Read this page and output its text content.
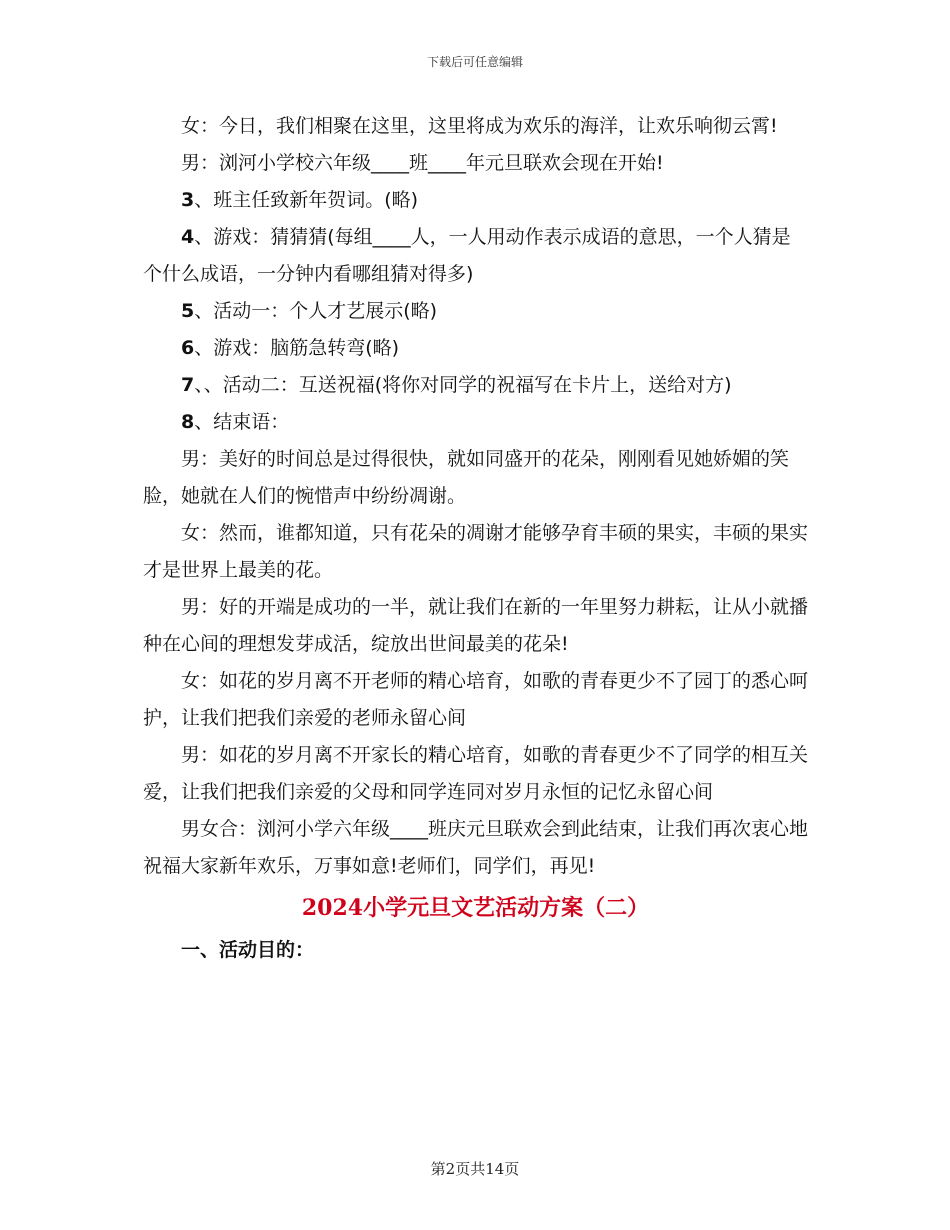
下载后可任意编辑

女：今日，我们相聚在这里，这里将成为欢乐的海洋，让欢乐响彻云霄!

男：浏河小学校六年级____班____年元旦联欢会现在开始!

3、班主任致新年贺词。(略)

4、游戏：猜猜猜(每组____人，一人用动作表示成语的意思，一个人猜是个什么成语，一分钟内看哪组猜对得多)

5、活动一：个人才艺展示(略)

6、游戏：脑筋急转弯(略)

7、、活动二：互送祝福(将你对同学的祝福写在卡片上，送给对方)

8、结束语：

男：美好的时间总是过得很快，就如同盛开的花朵，刚刚看见她娇媚的笑脸，她就在人们的惋惜声中纷纷凋谢。

女：然而，谁都知道，只有花朵的凋谢才能够孕育丰硕的果实，丰硕的果实才是世界上最美的花。

男：好的开端是成功的一半，就让我们在新的一年里努力耕耘，让从小就播种在心间的理想发芽成活，绽放出世间最美的花朵!

女：如花的岁月离不开老师的精心培育，如歌的青春更少不了园丁的悉心呵护，让我们把我们亲爱的老师永留心间

男：如花的岁月离不开家长的精心培育，如歌的青春更少不了同学的相互关爱，让我们把我们亲爱的父母和同学连同对岁月永恒的记忆永留心间

男女合：浏河小学六年级____班庆元旦联欢会到此结束，让我们再次衷心地祝福大家新年欢乐，万事如意!老师们，同学们，再见!

2024小学元旦文艺活动方案（二）

一、活动目的：

第2页共14页
